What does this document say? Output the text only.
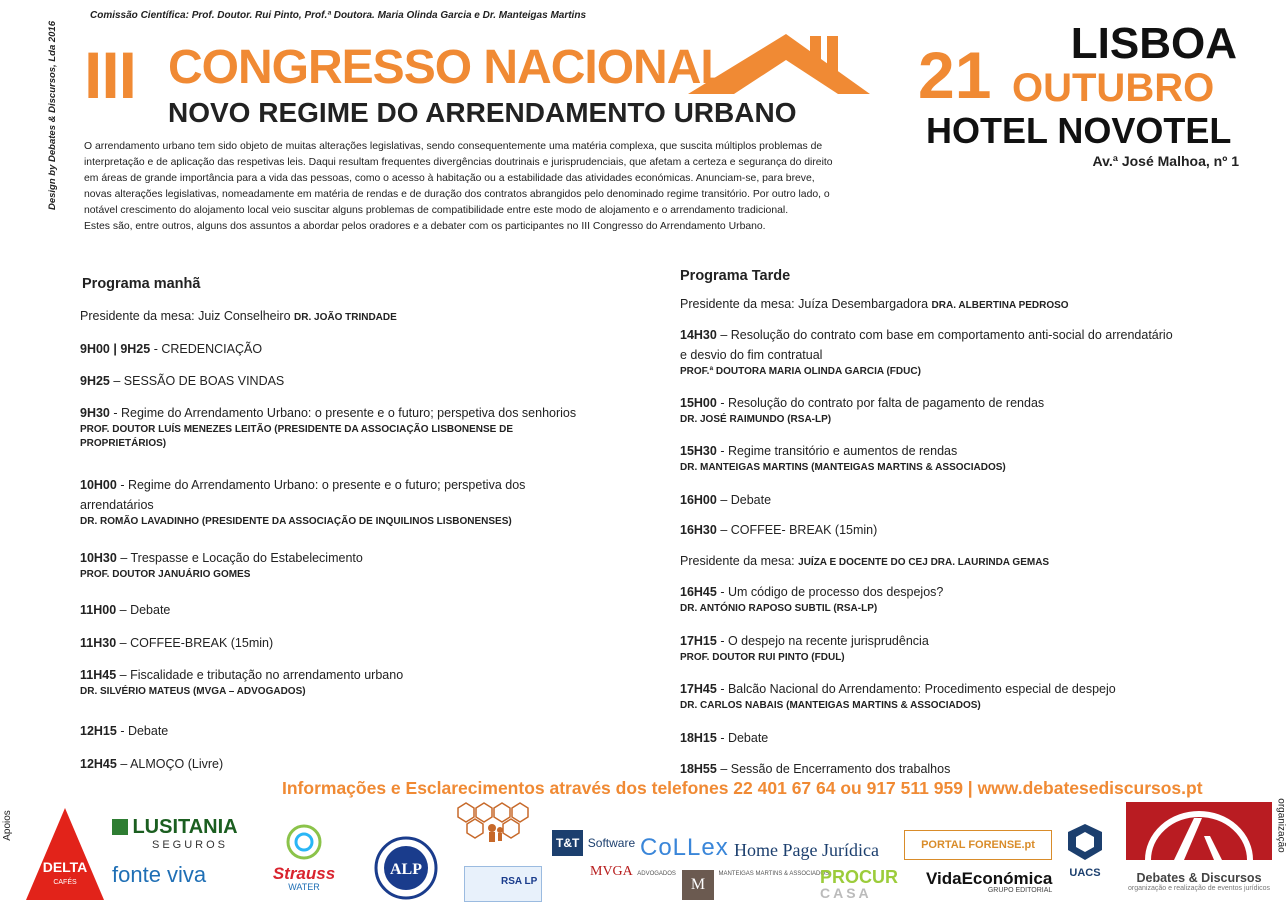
Design by Debates & Discursos, Lda 2016
Comissão Científica: Prof. Doutor. Rui Pinto, Prof.ª Doutora. Maria Olinda Garcia e Dr. Manteigas Martins
III CONGRESSO NACIONAL
NOVO REGIME DO ARRENDAMENTO URBANO
LISBOA
21 OUTUBRO
HOTEL NOVOTEL
Av.ª José Malhoa, nº 1

O arrendamento urbano tem sido objeto de muitas alterações legislativas, sendo consequentemente uma matéria complexa, que suscita múltiplos problemas de interpretação e de aplicação das respetivas leis. Daqui resultam frequentes divergências doutrinais e jurisprudenciais, que afetam a certeza e segurança do direito em áreas de grande importância para a vida das pessoas, como o acesso à habitação ou a estabilidade das atividades económicas. Anunciam-se, para breve, novas alterações legislativas, nomeadamente em matéria de rendas e de duração dos contratos abrangidos pelo denominado regime transitório. Por outro lado, o notável crescimento do alojamento local veio suscitar alguns problemas de compatibilidade entre este modo de alojamento e o arrendamento tradicional.

Estes são, entre outros, alguns dos assuntos a abordar pelos oradores e a debater com os participantes no III Congresso do Arrendamento Urbano.

Programa manhã
Presidente da mesa: Juiz Conselheiro DR. JOÃO TRINDADE
9H00 | 9H25 - CREDENCIAÇÃO
9H25 – SESSÃO DE BOAS VINDAS
9H30 - Regime do Arrendamento Urbano: o presente e o futuro; perspetiva dos senhorios
PROF. DOUTOR LUÍS MENEZES LEITÃO (PRESIDENTE DA ASSOCIAÇÃO LISBONENSE DE PROPRIETÁRIOS)
10H00 - Regime do Arrendamento Urbano: o presente e o futuro; perspetiva dos arrendatários
DR. ROMÃO LAVADINHO (PRESIDENTE DA ASSOCIAÇÃO DE INQUILINOS LISBONENSES)
10H30 – Trespasse e Locação do Estabelecimento
PROF. DOUTOR JANUÁRIO GOMES
11H00 – Debate
11H30 – COFFEE-BREAK (15min)
11H45 – Fiscalidade e tributação no arrendamento urbano
DR. SILVÉRIO MATEUS (MVGA – ADVOGADOS)
12H15 - Debate
12H45 – ALMOÇO (Livre)
Programa Tarde
Presidente da mesa: Juíza Desembargadora DRA. ALBERTINA PEDROSO
14H30 – Resolução do contrato com base em comportamento anti-social do arrendatário e desvio do fim contratual
PROF.ª DOUTORA MARIA OLINDA GARCIA (FDUC)
15H00 - Resolução do contrato por falta de pagamento de rendas
DR. JOSÉ RAIMUNDO (RSA-LP)
15H30 - Regime transitório e aumentos de rendas
DR. MANTEIGAS MARTINS (MANTEIGAS MARTINS & ASSOCIADOS)
16H00 – Debate
16H30 – COFFEE- BREAK (15min)
Presidente da mesa: JUÍZA E DOCENTE DO CEJ DRA. LAURINDA GEMAS
16H45 - Um código de processo dos despejos?
DR. ANTÓNIO RAPOSO SUBTIL (RSA-LP)
17H15 - O despejo na recente jurisprudência
PROF. DOUTOR RUI PINTO (FDUL)
17H45 - Balcão Nacional do Arrendamento: Procedimento especial de despejo
DR. CARLOS NABAIS (MANTEIGAS MARTINS & ASSOCIADOS)
18H15 - Debate
18H55 – Sessão de Encerramento dos trabalhos
Informações e Esclarecimentos através dos telefones 22 401 67 64 ou 917 511 959 | www.debatesediscursos.pt
Apoios	organização
DELTA
CAFÉS
LUSITANIA
SEGUROS
fonte viva	Strauss
WATER
ALP
RSA LP
T&T Software
MVGA ADVOGADOS
CoLLex Home Page Jurídica
M $^{MANTEIGAS MARTINS \& ASSOCIADOS}$
PORTAL FORENSE.pt
PROCUR
CASA
VidaEconómica
GRUPO EDITORIAL
UACS	Debates & Discursos
organização e realização de eventos jurídicos
